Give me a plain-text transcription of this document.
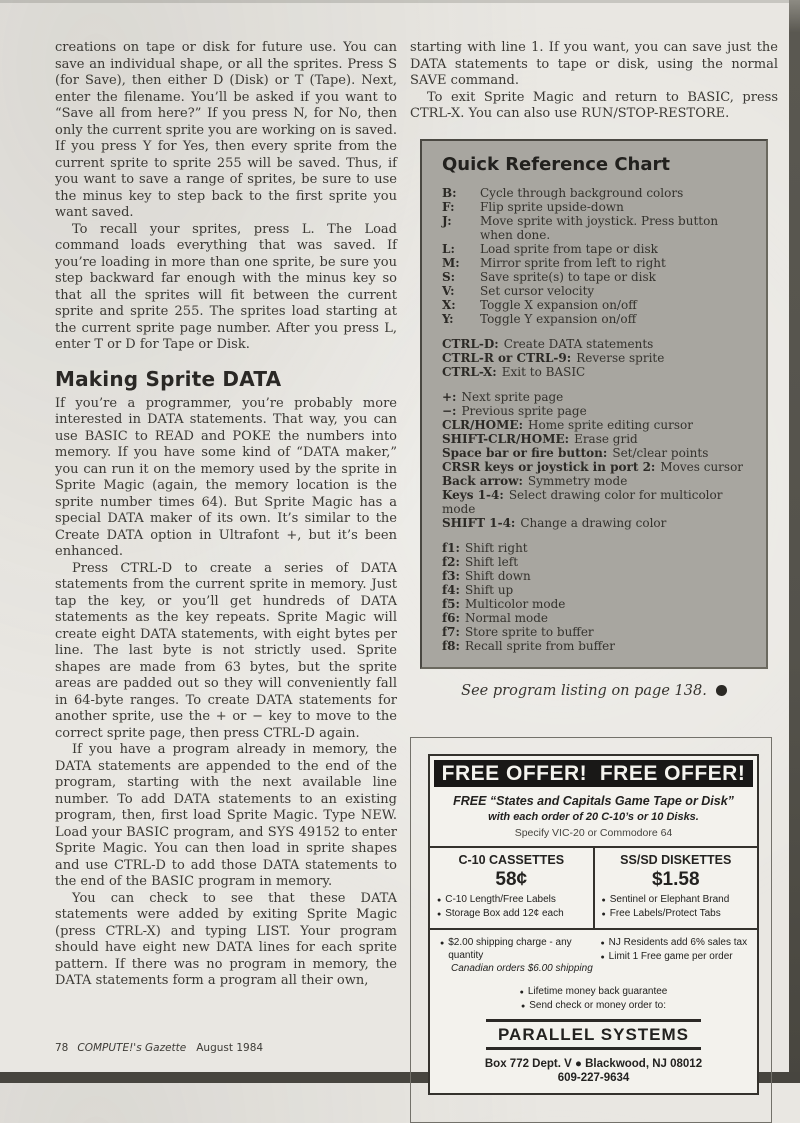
creations on tape or disk for future use. You can save an individual shape, or all the sprites. Press S (for Save), then either D (Disk) or T (Tape). Next, enter the filename. You’ll be asked if you want to “Save all from here?” If you press N, for No, then only the current sprite you are working on is saved. If you press Y for Yes, then every sprite from the current sprite to sprite 255 will be saved. Thus, if you want to save a range of sprites, be sure to use the minus key to step back to the first sprite you want saved.

To recall your sprites, press L. The Load command loads everything that was saved. If you’re loading in more than one sprite, be sure you step backward far enough with the minus key so that all the sprites will fit between the current sprite and sprite 255. The sprites load starting at the current sprite page number. After you press L, enter T or D for Tape or Disk.

Making Sprite DATA

If you’re a programmer, you’re probably more interested in DATA statements. That way, you can use BASIC to READ and POKE the numbers into memory. If you have some kind of “DATA maker,” you can run it on the memory used by the sprite in Sprite Magic (again, the memory location is the sprite number times 64). But Sprite Magic has a special DATA maker of its own. It’s similar to the Create DATA option in Ultrafont +, but it’s been enhanced.

Press CTRL-D to create a series of DATA statements from the current sprite in memory. Just tap the key, or you’ll get hundreds of DATA statements as the key repeats. Sprite Magic will create eight DATA statements, with eight bytes per line. The last byte is not strictly used. Sprite shapes are made from 63 bytes, but the sprite areas are padded out so they will conveniently fall in 64-byte ranges. To create DATA statements for another sprite, use the + or − key to move to the correct sprite page, then press CTRL-D again.

If you have a program already in memory, the DATA statements are appended to the end of the program, starting with the next available line number. To add DATA statements to an existing program, then, first load Sprite Magic. Type NEW. Load your BASIC program, and SYS 49152 to enter Sprite Magic. You can then load in sprite shapes and use CTRL-D to add those DATA statements to the end of the BASIC program in memory.

You can check to see that these DATA statements were added by exiting Sprite Magic (press CTRL-X) and typing LIST. Your program should have eight new DATA lines for each sprite pattern. If there was no program in memory, the DATA statements form a program all their own,

starting with line 1. If you want, you can save just the DATA statements to tape or disk, using the normal SAVE command.

To exit Sprite Magic and return to BASIC, press CTRL-X. You can also use RUN/STOP-RESTORE.

Quick Reference Chart
B:	Cycle through background colors
F:	Flip sprite upside-down
J:	Move sprite with joystick. Press button when done.
L:	Load sprite from tape or disk
M:	Mirror sprite from left to right
S:	Save sprite(s) to tape or disk
V:	Set cursor velocity
X:	Toggle X expansion on/off
Y:	Toggle Y expansion on/off
CTRL-D: Create DATA statements
CTRL-R or CTRL-9: Reverse sprite
CTRL-X: Exit to BASIC
+: Next sprite page
−: Previous sprite page
CLR/HOME: Home sprite editing cursor
SHIFT-CLR/HOME: Erase grid
Space bar or fire button: Set/clear points
CRSR keys or joystick in port 2: Moves cursor
Back arrow: Symmetry mode
Keys 1-4: Select drawing color for multicolor mode
SHIFT 1-4: Change a drawing color
f1: Shift right
f2: Shift left
f3: Shift down
f4: Shift up
f5: Multicolor mode
f6: Normal mode
f7: Store sprite to buffer
f8: Recall sprite from buffer

See program listing on page 138.

FREE OFFER!  FREE OFFER!
FREE “States and Capitals Game Tape or Disk”
with each order of 20 C-10’s or 10 Disks.
Specify VIC-20 or Commodore 64
C-10 CASSETTES
58¢
●
C-10 Length/Free Labels
●
Storage Box add 12¢ each
SS/SD DISKETTES
$1.58
●
Sentinel or Elephant Brand
●
Free Labels/Protect Tabs
●
$2.00 shipping charge - any quantity
Canadian orders $6.00 shipping
●
NJ Residents add 6% sales tax
●
Limit 1 Free game per order
●
Lifetime money back guarantee
●
Send check or money order to:
PARALLEL SYSTEMS
Box 772 Dept. V ● Blackwood, NJ 08012
609-227-9634
78 COMPUTE!'s Gazette August 1984
